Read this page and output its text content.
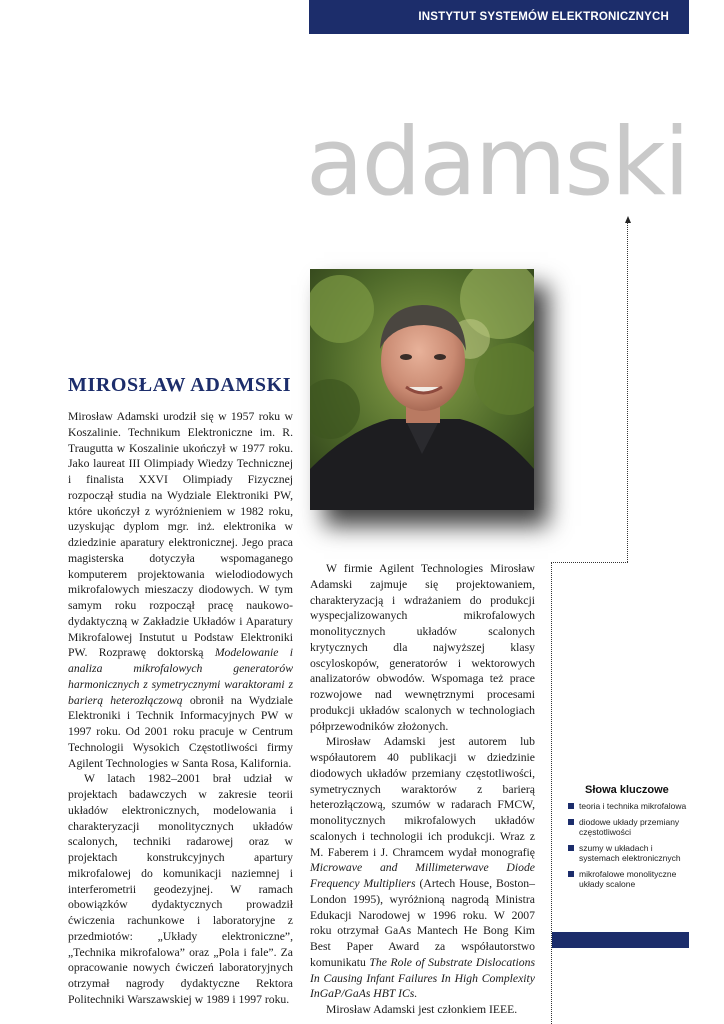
INSTYTUT SYSTEMÓW ELEKTRONICZNYCH
adamski
MIROSŁAW ADAMSKI

Mirosław Adamski urodził się w 1957 roku w Koszalinie. Technikum Elektroniczne im. R. Traugutta w Koszalinie ukończył w 1977 roku. Jako laureat III Olimpiady Wiedzy Technicznej i finalista XXVI Olimpiady Fizycznej rozpoczął studia na Wydziale Elektroniki PW, które ukończył z wyróżnieniem w 1982 roku, uzyskując dyplom mgr. inż. elektronika w dziedzinie aparatury elektronicznej. Jego praca magisterska dotyczyła wspomaganego komputerem projektowania wielodiodowych mikrofalowych mieszaczy diodowych. W tym samym roku rozpoczął pracę naukowo-dydaktyczną w Zakładzie Układów i Aparatury Mikrofalowej Instutut u Podstaw Elektroniki PW. Rozprawę doktorską Modelowanie i analiza mikrofalowych generatorów harmonicznych z symetrycznymi waraktorami z barierą heterozłączową obronił na Wydziale Elektroniki i Technik Informacyjnych PW w 1997 roku. Od 2001 roku pracuje w Centrum Technologii Wysokich Częstotliwości firmy Agilent Technologies w Santa Rosa, Kalifornia.

W latach 1982–2001 brał udział w projektach badawczych w zakresie teorii układów elektronicznych, modelowania i charakteryzacji monolitycznych układów scalonych, techniki radarowej oraz w projektach konstrukcyjnych apartury mikrofalowej do komunikacji naziemnej i interferometrii geodezyjnej. W ramach obowiązków dydaktycznych prowadził ćwiczenia rachunkowe i laboratoryjne z przedmiotów: „Układy elektroniczne”, „Technika mikrofalowa” oraz „Pola i fale”. Za opracowanie nowych ćwiczeń laboratoryjnych otrzymał nagrody dydaktyczne Rektora Politechniki Warszawskiej w 1989 i 1997 roku.

W firmie Agilent Technologies Mirosław Adamski zajmuje się projektowaniem, charakteryzacją i wdrażaniem do produkcji wyspecjalizowanych mikrofalowych monolitycznych układów scalonych krytycznych dla najwyższej klasy oscyloskopów, generatorów i wektorowych analizatorów obwodów. Wspomaga też prace rozwojowe nad wewnętrznymi procesami produkcji układów scalonych w technologiach półprzewodników złożonych.

Mirosław Adamski jest autorem lub współautorem 40 publikacji w dziedzinie diodowych układów przemiany częstotliwości, symetrycznych waraktorów z barierą heterozłączową, szumów w radarach FMCW, monolitycznych mikrofalowych układów scalonych i technologii ich produkcji. Wraz z M. Faberem i J. Chramcem wydał monografię Microwave and Millimeterwave Diode Frequency Multipliers (Artech House, Boston–London 1995), wyróżnioną nagrodą Ministra Edukacji Narodowej w 1996 roku. W 2007 roku otrzymał GaAs Mantech He Bong Kim Best Paper Award za współautorstwo komunikatu The Role of Substrate Dislocations In Causing Infant Failures In High Complexity InGaP/GaAs HBT ICs.

Mirosław Adamski jest członkiem IEEE.

Słowa kluczowe
teoria i technika mikrofalowa
diodowe układy przemiany częstotliwości
szumy w układach i systemach elektronicznych
mikrofalowe monolityczne układy scalone
